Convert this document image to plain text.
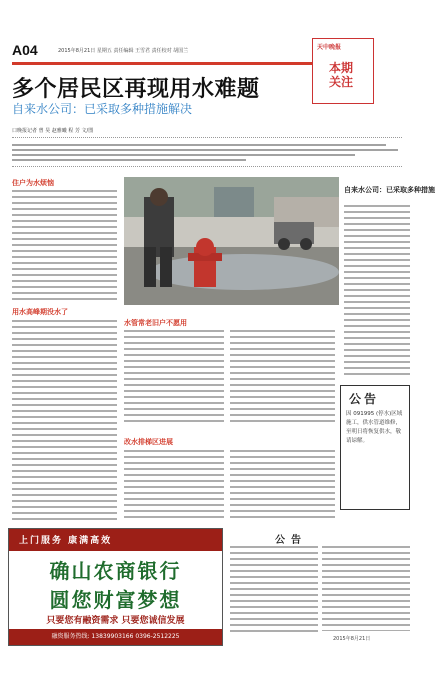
A04	2015年8月21日 星期五 责任编辑 王雪君 责任校对 胡国兰	天中晚报
本期关注
多个居民区再现用水难题
自来水公司：已采取多种措施解决
口晚报记者 曾 昊 赵雅曦 程 芳 文/图
住户为水烦恼
用水高峰期没水了
水管常老旧户不愿用
改水排梯区进展
自来水公司：已采取多种措施
公告
因 091995 (停水)区域施工，供水管道维修，至明日将恢复供水，敬请谅解。
上门服务 康满高效
确山农商银行
圆您财富梦想
只要您有融资需求 只要您诚信发展
融资服务热线: 13839903166 0396-2512225
公告
2015年8月21日
